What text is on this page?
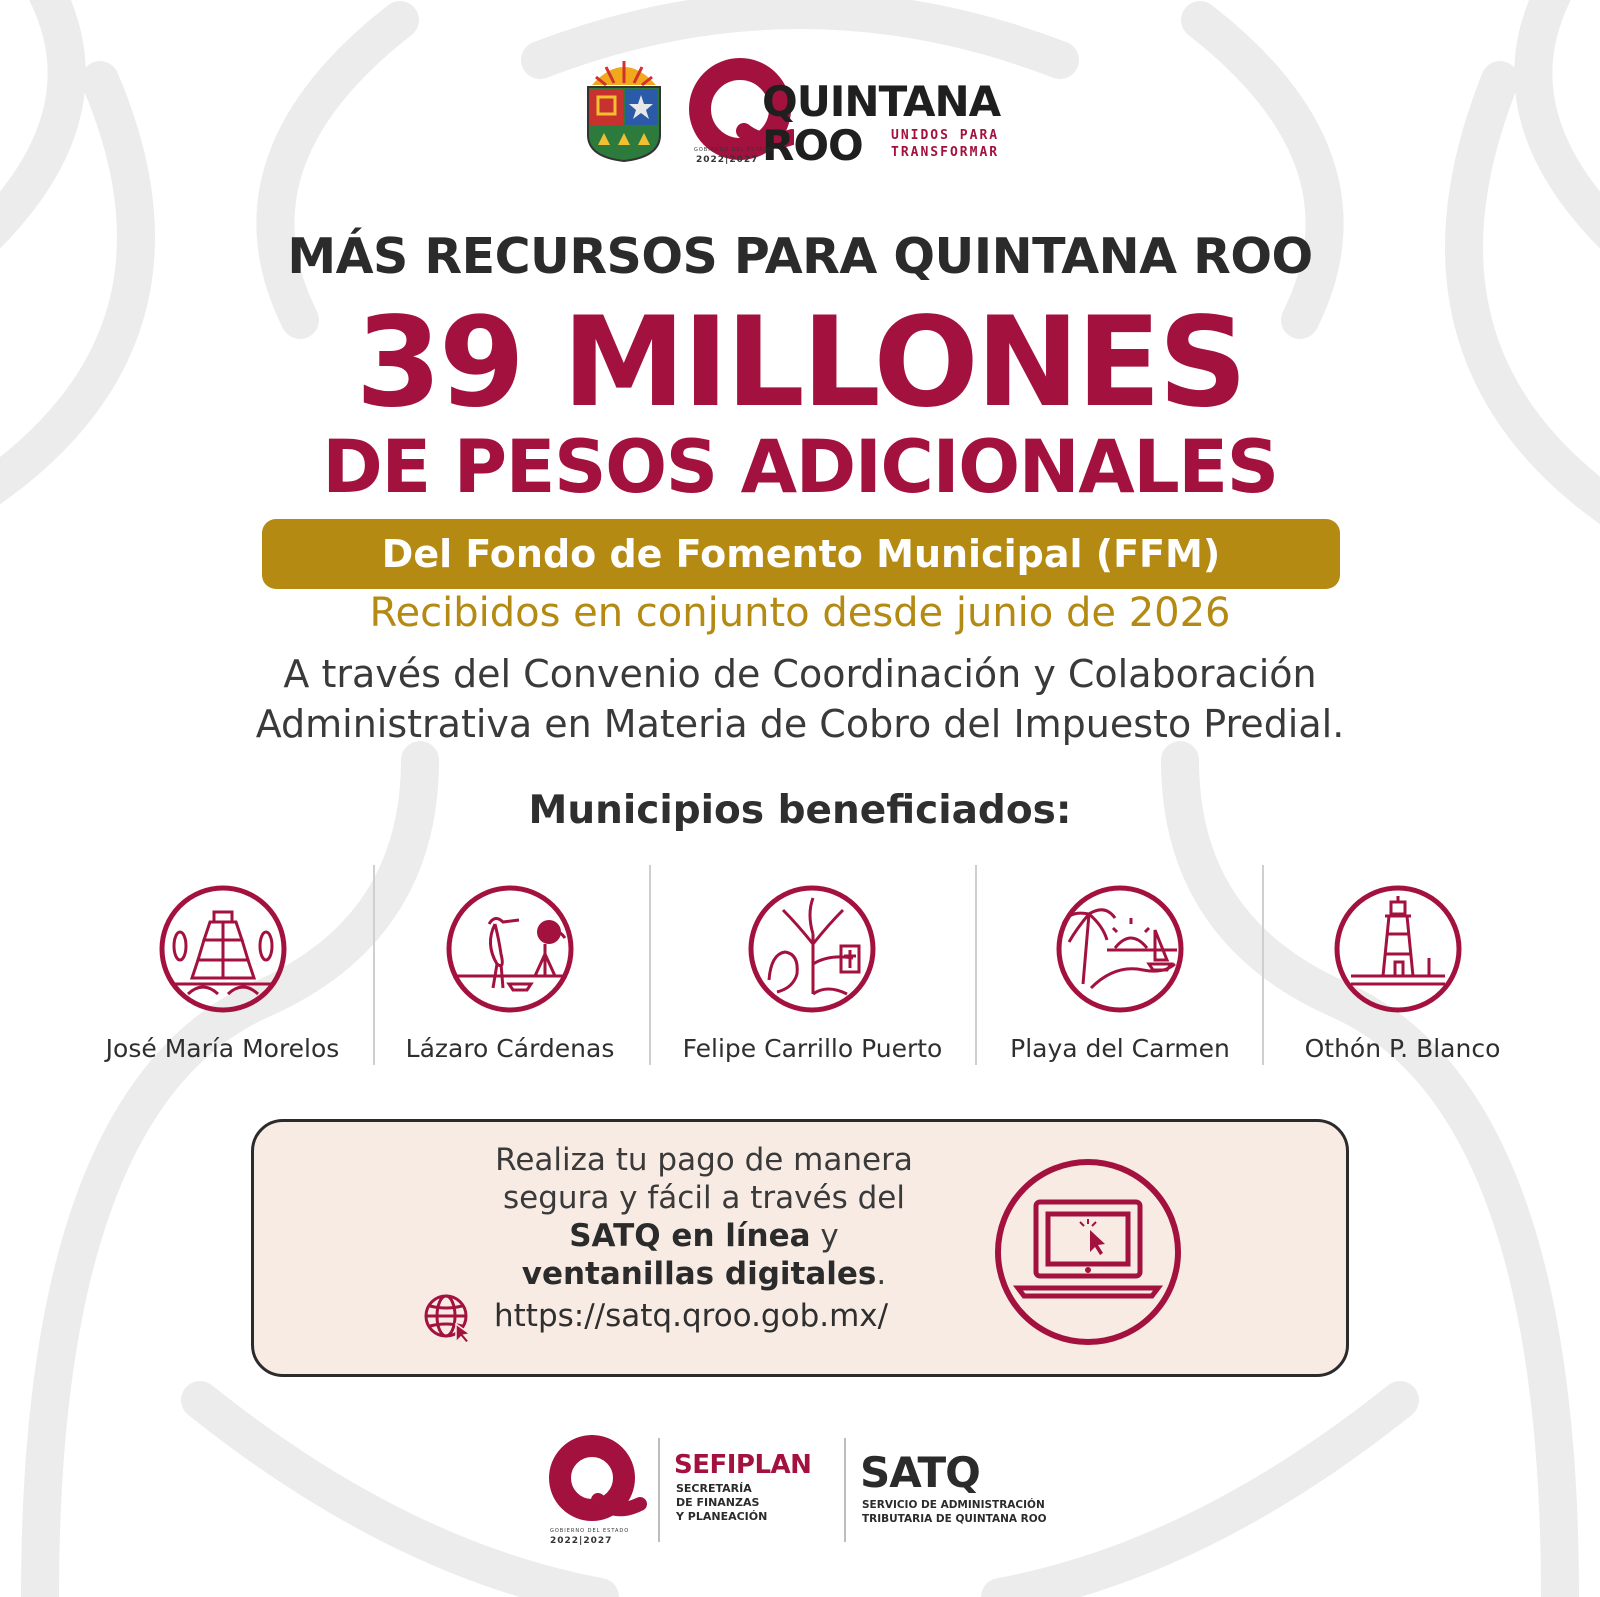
QUINTANA
ROO UNIDOS PARA
TRANSFORMAR
GOBIERNO DEL ESTADO
2022|2027
MÁS RECURSOS PARA QUINTANA ROO
39 MILLONES
DE PESOS ADICIONALES
Del Fondo de Fomento Municipal (FFM)
Recibidos en conjunto desde junio de 2026
A través del Convenio de Coordinación y Colaboración
Administrativa en Materia de Cobro del Impuesto Predial.
Municipios beneficiados:
José María Morelos	Lázaro Cárdenas	Felipe Carrillo Puerto	Playa del Carmen	Othón P. Blanco
Realiza tu pago de manera
segura y fácil a través del
SATQ en línea y
ventanillas digitales.
https://satq.qroo.gob.mx/
GOBIERNO DEL ESTADO
2022|2027
SEFIPLAN
SECRETARÍA
DE FINANZAS
Y PLANEACIÓN
SATQ
SERVICIO DE ADMINISTRACIÓN
TRIBUTARIA DE QUINTANA ROO
